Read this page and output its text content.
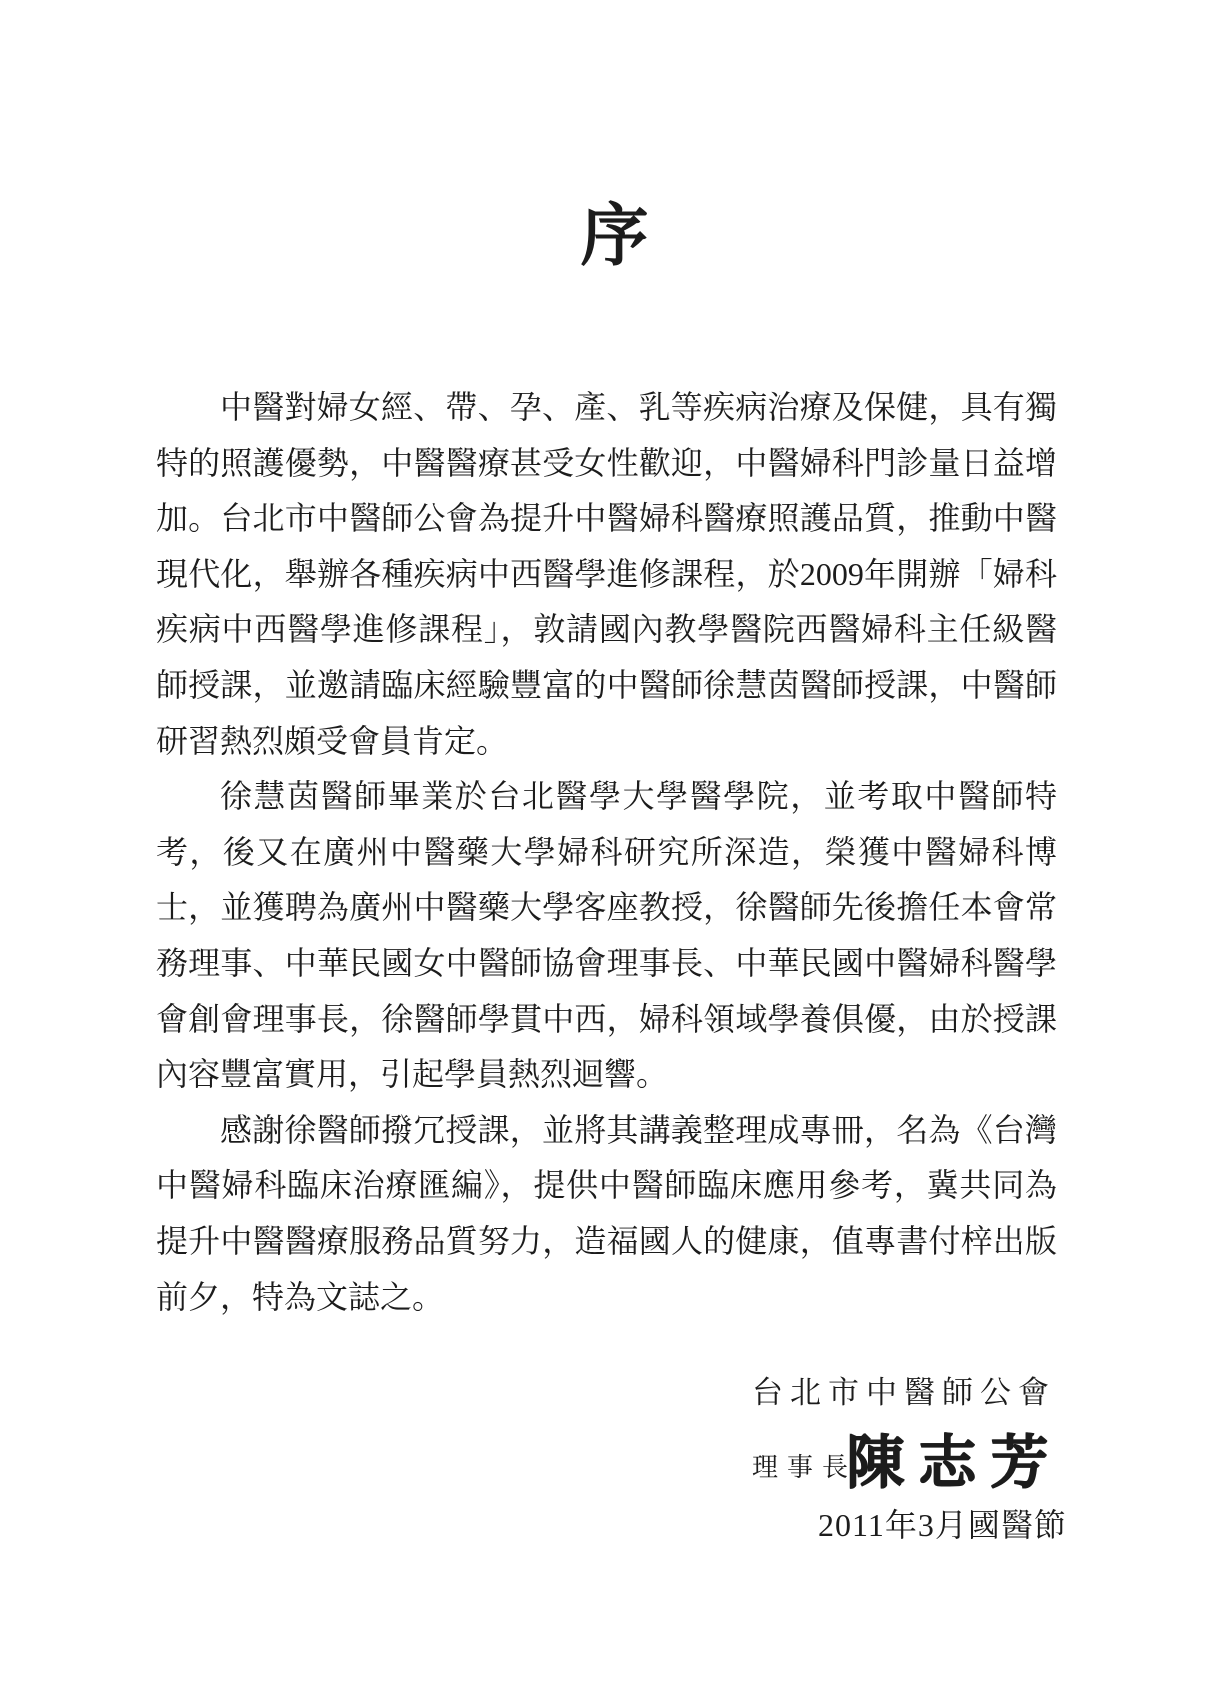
序

中醫對婦女經、帶、孕、產、乳等疾病治療及保健，具有獨特的照護優勢，中醫醫療甚受女性歡迎，中醫婦科門診量日益增加。台北市中醫師公會為提升中醫婦科醫療照護品質，推動中醫現代化，舉辦各種疾病中西醫學進修課程，於2009年開辦「婦科疾病中西醫學進修課程」，敦請國內教學醫院西醫婦科主任級醫師授課，並邀請臨床經驗豐富的中醫師徐慧茵醫師授課，中醫師研習熱烈頗受會員肯定。

徐慧茵醫師畢業於台北醫學大學醫學院，並考取中醫師特考，後又在廣州中醫藥大學婦科研究所深造，榮獲中醫婦科博士，並獲聘為廣州中醫藥大學客座教授，徐醫師先後擔任本會常務理事、中華民國女中醫師協會理事長、中華民國中醫婦科醫學會創會理事長，徐醫師學貫中西，婦科領域學養俱優，由於授課內容豐富實用，引起學員熱烈迴響。

感謝徐醫師撥冗授課，並將其講義整理成專冊，名為《台灣中醫婦科臨床治療匯編》，提供中醫師臨床應用參考，冀共同為提升中醫醫療服務品質努力，造福國人的健康，值專書付梓出版前夕，特為文誌之。

台北市中醫師公會
理事長
陳志芳
2011年3月國醫節
